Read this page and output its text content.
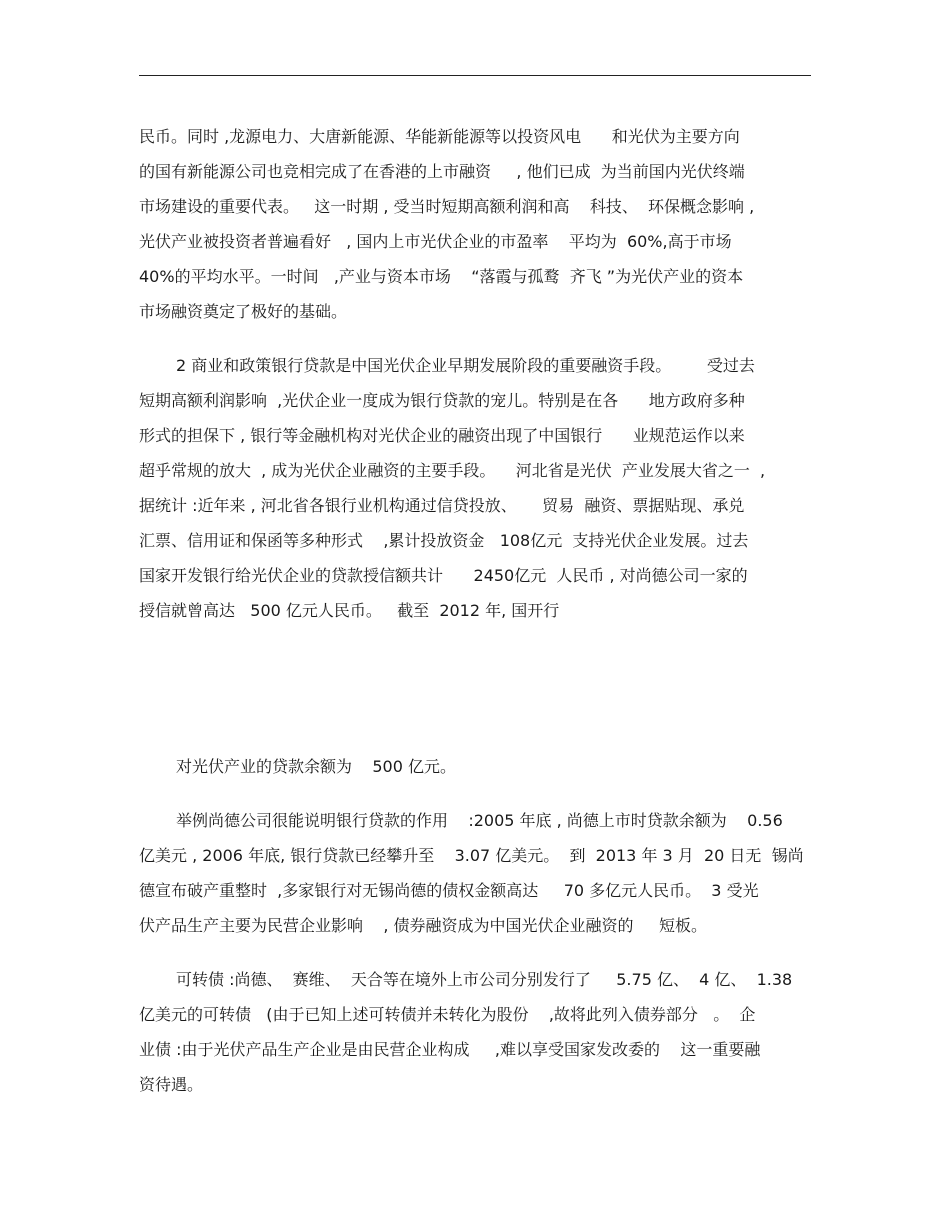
民币。同时 ,龙源电力、大唐新能源、华能新能源等以投资风电      和光伏为主要方向
的国有新能源公司也竞相完成了在香港的上市融资     , 他们已成  为当前国内光伏终端
市场建设的重要代表。   这一时期 , 受当时短期高额利润和高    科技、  环保概念影响 ,
光伏产业被投资者普遍看好   , 国内上市光伏企业的市盈率    平均为  60%,高于市场
40%的平均水平。一时间   ,产业与资本市场    “落霞与孤鹜  齐飞 ”为光伏产业的资本
市场融资奠定了极好的基础。
2 商业和政策银行贷款是中国光伏企业早期发展阶段的重要融资手段。       受过去
短期高额利润影响  ,光伏企业一度成为银行贷款的宠儿。特别是在各      地方政府多种
形式的担保下 , 银行等金融机构对光伏企业的融资出现了中国银行      业规范运作以来
超乎常规的放大  , 成为光伏企业融资的主要手段。    河北省是光伏  产业发展大省之一  ,
据统计 :近年来 , 河北省各银行业机构通过信贷投放、     贸易  融资、票据贴现、承兑
汇票、信用证和保函等多种形式    ,累计投放资金   108亿元  支持光伏企业发展。过去
国家开发银行给光伏企业的贷款授信额共计      2450亿元  人民币 , 对尚德公司一家的
授信就曾高达   500 亿元人民币。   截至  2012 年, 国开行
对光伏产业的贷款余额为    500 亿元。
举例尚德公司很能说明银行贷款的作用    :2005 年底 , 尚德上市时贷款余额为    0.56
亿美元 , 2006 年底, 银行贷款已经攀升至    3.07 亿美元。  到  2013 年 3 月  20 日无  锡尚
德宣布破产重整时  ,多家银行对无锡尚德的债权金额高达     70 多亿元人民币。  3 受光
伏产品生产主要为民营企业影响    , 债券融资成为中国光伏企业融资的     短板。
可转债 :尚德、  赛维、  天合等在境外上市公司分别发行了     5.75 亿、  4 亿、  1.38
亿美元的可转债   (由于已知上述可转债并未转化为股份    ,故将此列入债券部分   。  企
业债 :由于光伏产品生产企业是由民营企业构成     ,难以享受国家发改委的    这一重要融
资待遇。
